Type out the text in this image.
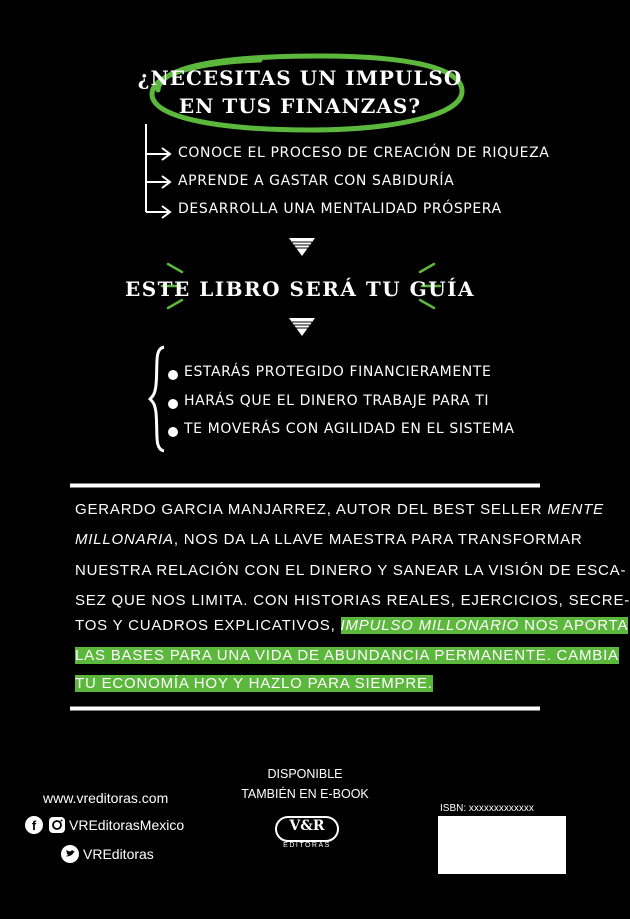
¿NECESITAS UN IMPULSO
EN TUS FINANZAS?
CONOCE EL PROCESO DE CREACIÓN DE RIQUEZA
APRENDE A GASTAR CON SABIDURÍA
DESARROLLA UNA MENTALIDAD PRÓSPERA
ESTE LIBRO SERÁ TU GUÍA
ESTARÁS PROTEGIDO FINANCIERAMENTE
HARÁS QUE EL DINERO TRABAJE PARA TI
TE MOVERÁS CON AGILIDAD EN EL SISTEMA
GERARDO GARCIA MANJARREZ, AUTOR DEL BEST SELLER MENTE
MILLONARIA, NOS DA LA LLAVE MAESTRA PARA TRANSFORMAR
NUESTRA RELACIÓN CON EL DINERO Y SANEAR LA VISIÓN DE ESCA-
SEZ QUE NOS LIMITA. CON HISTORIAS REALES, EJERCICIOS, SECRE-
TOS Y CUADROS EXPLICATIVOS, IMPULSO MILLONARIO NOS APORTA
LAS BASES PARA UNA VIDA DE ABUNDANCIA PERMANENTE. CAMBIA
TU ECONOMÍA HOY Y HAZLO PARA SIEMPRE.
www.vreditoras.com
f	VREditorasMexico
VREditoras
DISPONIBLE
TAMBIÉN EN E-BOOK
V&R
EDITORAS
ISBN: xxxxxxxxxxxxx
